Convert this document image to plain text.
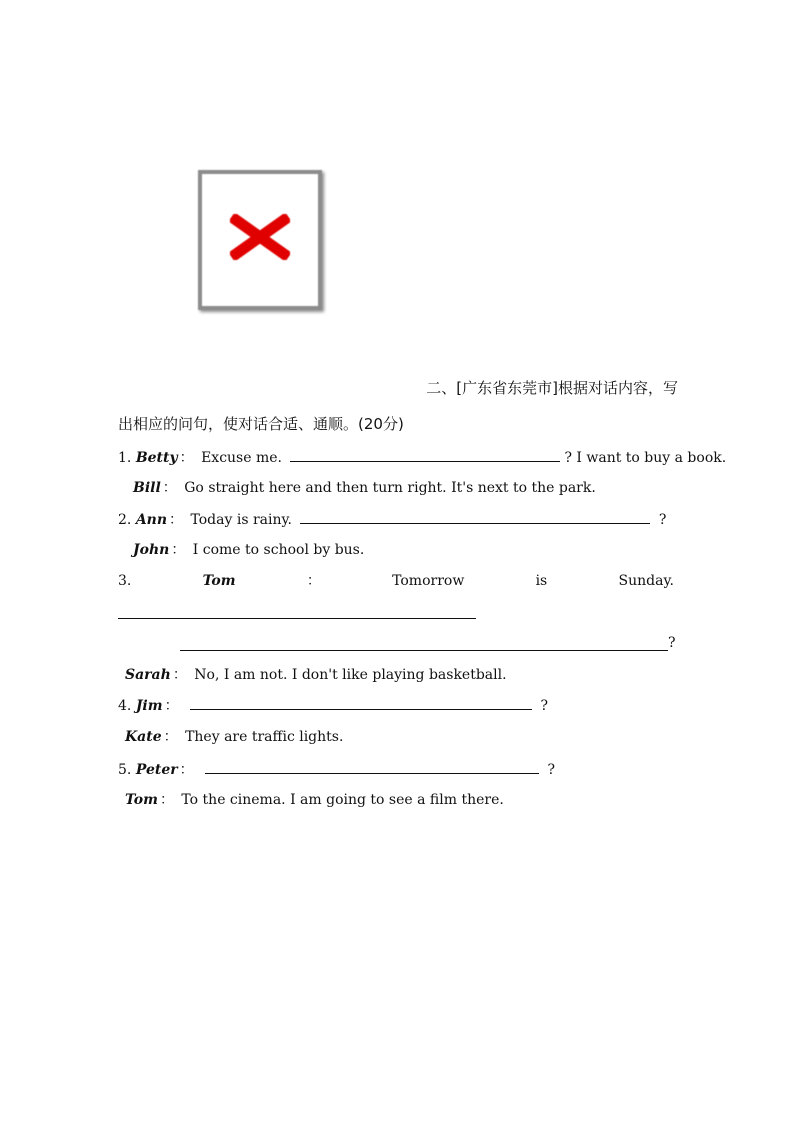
二、[广东省东莞市]根据对话内容，写
出相应的问句，使对话合适、通顺。(20分)
1. Betty ： Excuse me.	? I want to buy a book.
Bill ： Go straight here and then turn right. It's next to the park.
2. Ann ： Today is rainy.	?
John ： I come to school by bus.
3.	Tom	：	Tomorrow	is	Sunday.
?
Sarah ： No, I am not. I don't like playing basketball.
4. Jim ：	?
Kate ： They are traffic lights.
5. Peter ：	?
Tom ： To the cinema. I am going to see a film there.
